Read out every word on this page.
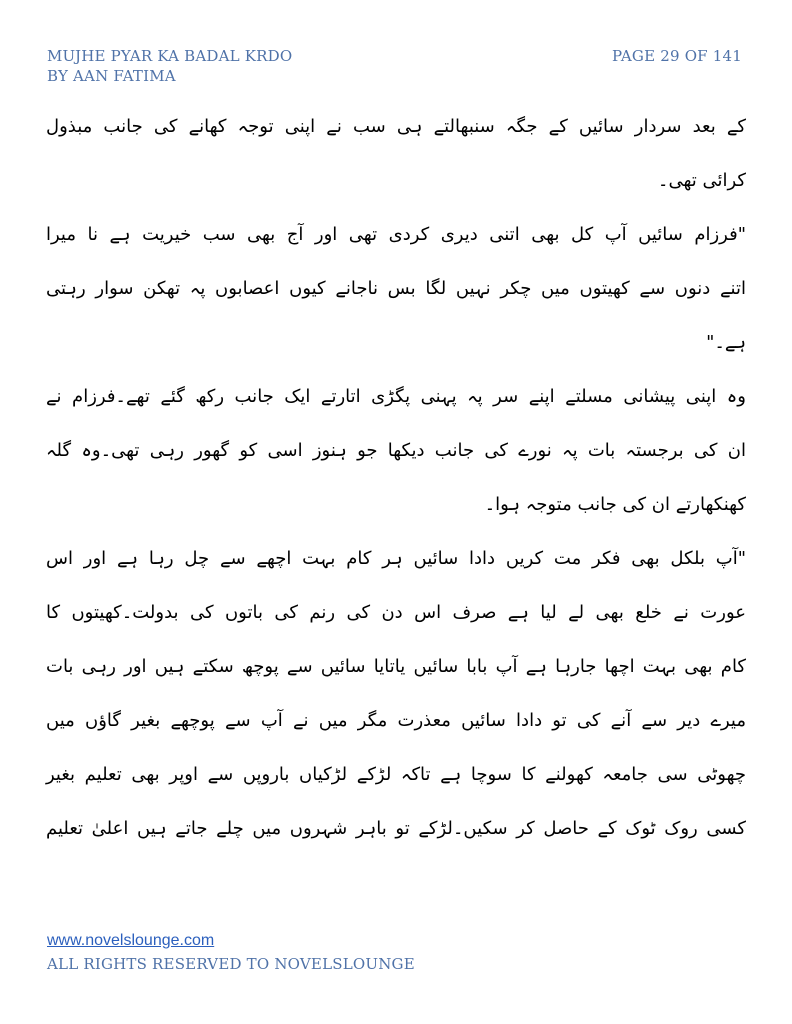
MUJHE PYAR KA BADAL KRDO
BY AAN FATIMA
PAGE 29 OF 141
کے بعد سردار سائیں کے جگہ سنبھالتے ہی سب نے اپنی توجہ کھانے کی جانب مبذول
کرائی تھی۔
"فرزام سائیں آپ کل بھی اتنی دیری کردی تھی اور آج بھی سب خیریت ہے نا میرا
اتنے دنوں سے کھیتوں میں چکر نہیں لگا بس ناجانے کیوں اعصابوں پہ تھکن سوار رہتی
ہے۔"
وہ اپنی پیشانی مسلتے اپنے سر پہ پہنی پگڑی اتارتے ایک جانب رکھ گئے تھے۔فرزام نے
ان کی برجستہ بات پہ نورے کی جانب دیکھا جو ہنوز اسی کو گھور رہی تھی۔وہ گلہ
کھنکھارتے ان کی جانب متوجہ ہوا۔
"آپ بلکل بھی فکر مت کریں دادا سائیں ہر کام بہت اچھے سے چل رہا ہے اور اس
عورت نے خلع بھی لے لیا ہے صرف اس دن کی رنم کی باتوں کی بدولت۔کھیتوں کا
کام بھی بہت اچھا جارہا ہے آپ بابا سائیں یاتایا سائیں سے پوچھ سکتے ہیں اور رہی بات
میرے دیر سے آنے کی تو دادا سائیں معذرت مگر میں نے آپ سے پوچھے بغیر گاؤں میں
چھوٹی سی جامعہ کھولنے کا سوچا ہے تاکہ لڑکے لڑکیاں باروپں سے اوپر بھی تعلیم بغیر
کسی روک ٹوک کے حاصل کر سکیں۔لڑکے تو باہر شہروں میں چلے جاتے ہیں اعلیٰ تعلیم
www.novelslounge.com
ALL RIGHTS RESERVED TO NOVELSLOUNGE
